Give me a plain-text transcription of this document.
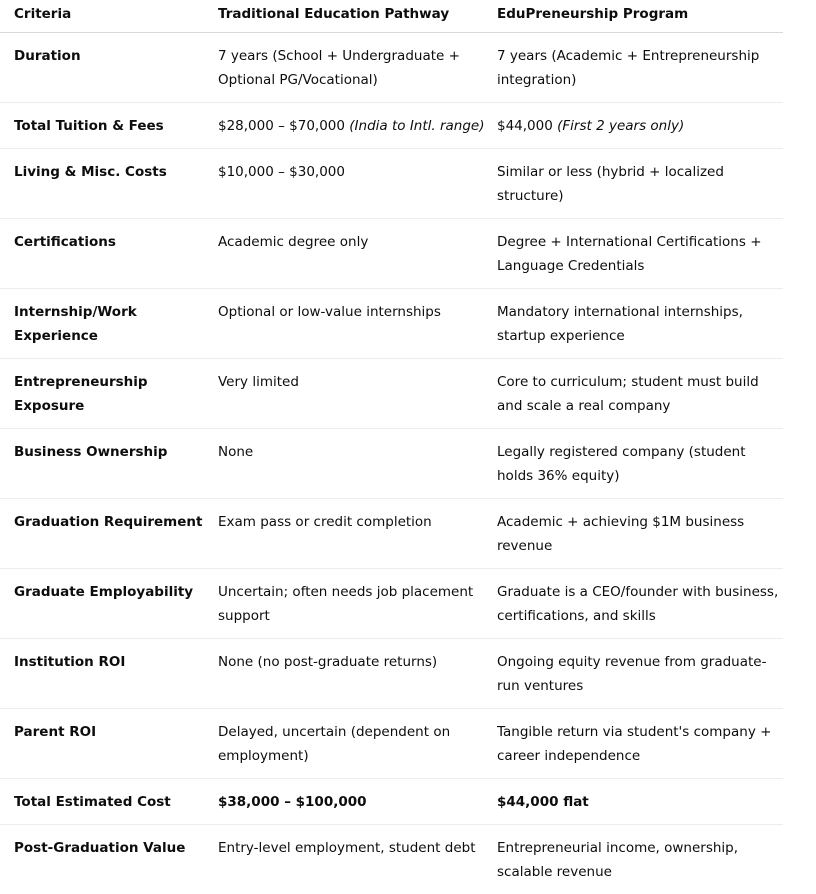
Criteria	Traditional Education Pathway	EduPreneurship Program
Duration	7 years (School + Undergraduate + Optional PG/Vocational)	7 years (Academic + Entrepreneurship integration)
Total Tuition & Fees	$28,000 – $70,000 (India to Intl. range)	$44,000 (First 2 years only)
Living & Misc. Costs	$10,000 – $30,000	Similar or less (hybrid + localized structure)
Certifications	Academic degree only	Degree + International Certifications + Language Credentials
Internship/Work Experience	Optional or low-value internships	Mandatory international internships, startup experience
Entrepreneurship Exposure	Very limited	Core to curriculum; student must build and scale a real company
Business Ownership	None	Legally registered company (student holds 36% equity)
Graduation Requirement	Exam pass or credit completion	Academic + achieving $1M business revenue
Graduate Employability	Uncertain; often needs job placement support	Graduate is a CEO/founder with business, certifications, and skills
Institution ROI	None (no post-graduate returns)	Ongoing equity revenue from graduate-run ventures
Parent ROI	Delayed, uncertain (dependent on employment)	Tangible return via student's company + career independence
Total Estimated Cost	$38,000 – $100,000	$44,000 flat
Post-Graduation Value	Entry-level employment, student debt	Entrepreneurial income, ownership, scalable revenue
